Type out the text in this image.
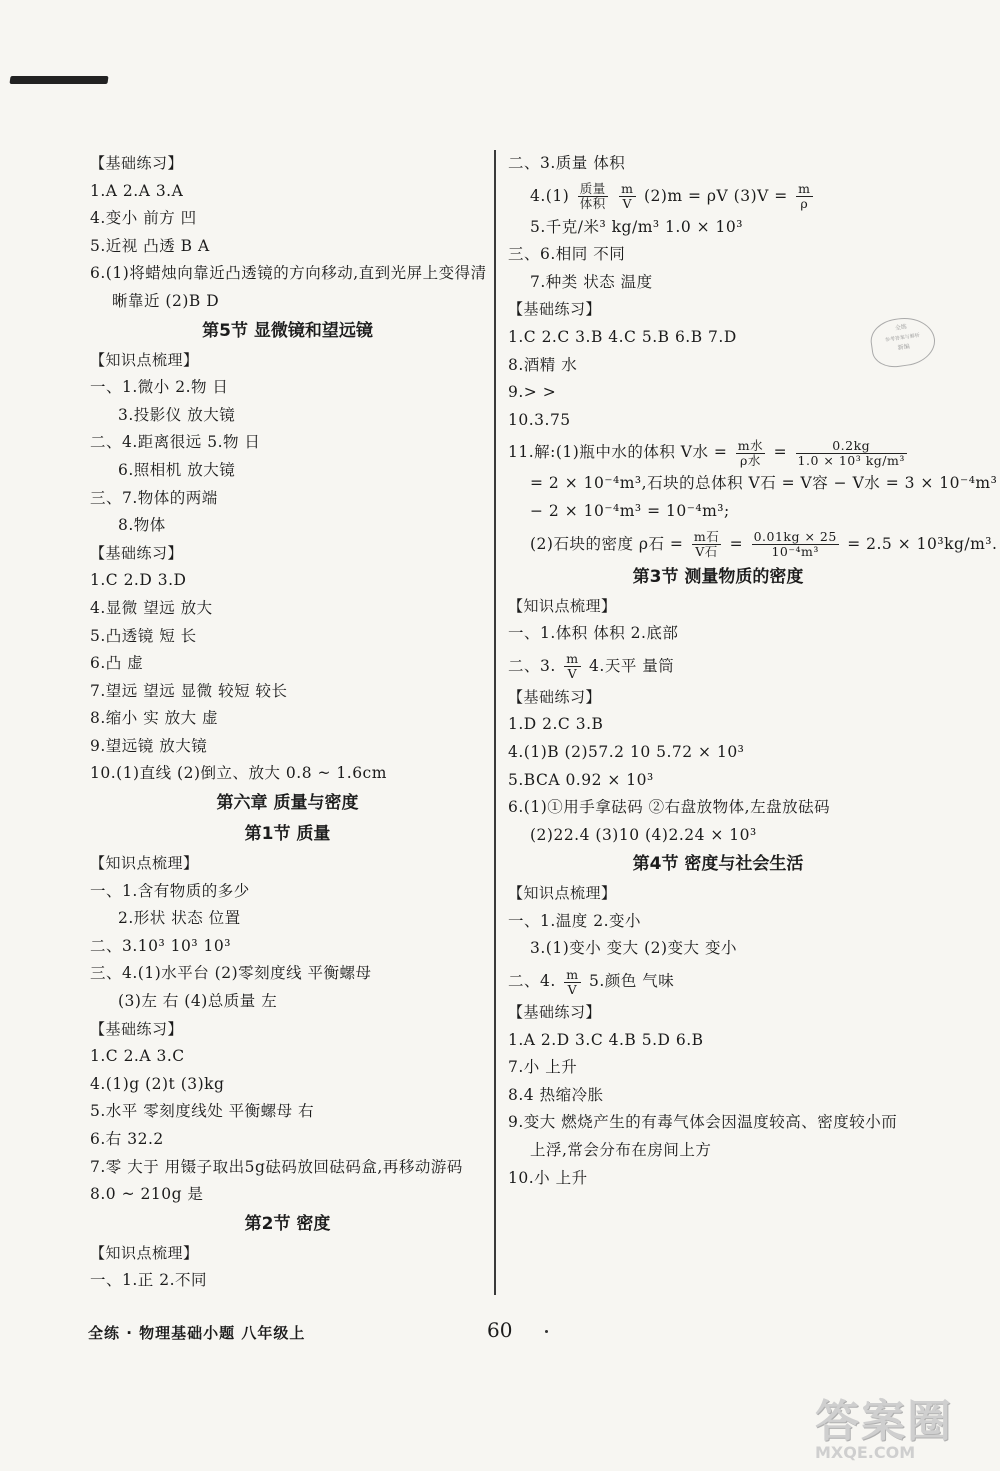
【基础练习】
1.A 2.A 3.A
4.变小 前方 凹
5.近视 凸透 B A
6.(1)将蜡烛向靠近凸透镜的方向移动,直到光屏上变得清
晰靠近 (2)B D
第5节 显微镜和望远镜
【知识点梳理】
一、1.微小 2.物 日
3.投影仪 放大镜
二、4.距离很远 5.物 日
6.照相机 放大镜
三、7.物体的两端
8.物体
【基础练习】
1.C 2.D 3.D
4.显微 望远 放大
5.凸透镜 短 长
6.凸 虚
7.望远 望远 显微 较短 较长
8.缩小 实 放大 虚
9.望远镜 放大镜
10.(1)直线 (2)倒立、放大 0.8 ~ 1.6cm
第六章 质量与密度
第1节 质量
【知识点梳理】
一、1.含有物质的多少
2.形状 状态 位置
二、3.10³ 10³ 10³
三、4.(1)水平台 (2)零刻度线 平衡螺母
(3)左 右 (4)总质量 左
【基础练习】
1.C 2.A 3.C
4.(1)g (2)t (3)kg
5.水平 零刻度线处 平衡螺母 右
6.右 32.2
7.零 大于 用镊子取出5g砝码放回砝码盒,再移动游码
8.0 ~ 210g 是
第2节 密度
【知识点梳理】
一、1.正 2.不同
二、3.质量 体积
$4.(1) \frac{\text{质量}}{\text{体积}}$
$\frac{m}{V} (2)m = \rho V$ $(3)V = \frac{m}{\rho}$
5.千克/米³ kg/m³ 1.0 × 10³
三、6.相同 不同
7.种类 状态 温度
【基础练习】
1.C 2.C 3.B 4.C 5.B 6.B 7.D
8.酒精 水
9.> >
10.3.75
11.解:(1)瓶中水的体积 V水 = $\frac{\text{m水}}{\text{ρ水}} = \frac{0.2kg}{\text{1.0 × 10³ kg/m³}}$
= 2 × 10⁻⁴m³,石块的总体积 V石 = V容 − V水 = 3 × 10⁻⁴m³
− 2 × 10⁻⁴m³ = 10⁻⁴m³;
(2)石块的密度 ρ石 = $\frac{\text{m石}}{\text{V石}} = \frac{0.01kg \times 25}{\text{10⁻⁴m³}} = 2.5 \times 10^3kg/m^3$.
第3节 测量物质的密度
【知识点梳理】
一、1.体积 体积 2.底部
二、3. $\frac{m}{V} 4$.天平 量筒
【基础练习】
1.D 2.C 3.B
4.(1)B (2)57.2 10 5.72 × 10³
5.BCA 0.92 × 10³
6.(1)①用手拿砝码 ②右盘放物体,左盘放砝码
(2)22.4 (3)10 (4)2.24 × 10³
第4节 密度与社会生活
【知识点梳理】
一、1.温度 2.变小
3.(1)变小 变大 (2)变大 变小
二、4. $\frac{m}{V} 5$.颜色 气味
【基础练习】
1.A 2.D 3.C 4.B 5.D 6.B
7.小 上升
8.4 热缩冷胀
9.变大 燃烧产生的有毒气体会因温度较高、密度较小而
上浮,常会分布在房间上方
10.小 上升
全练
参考答案与解析
新编
全练 · 物理基础小题 八年级上	60
答案圈
MXQE.COM
